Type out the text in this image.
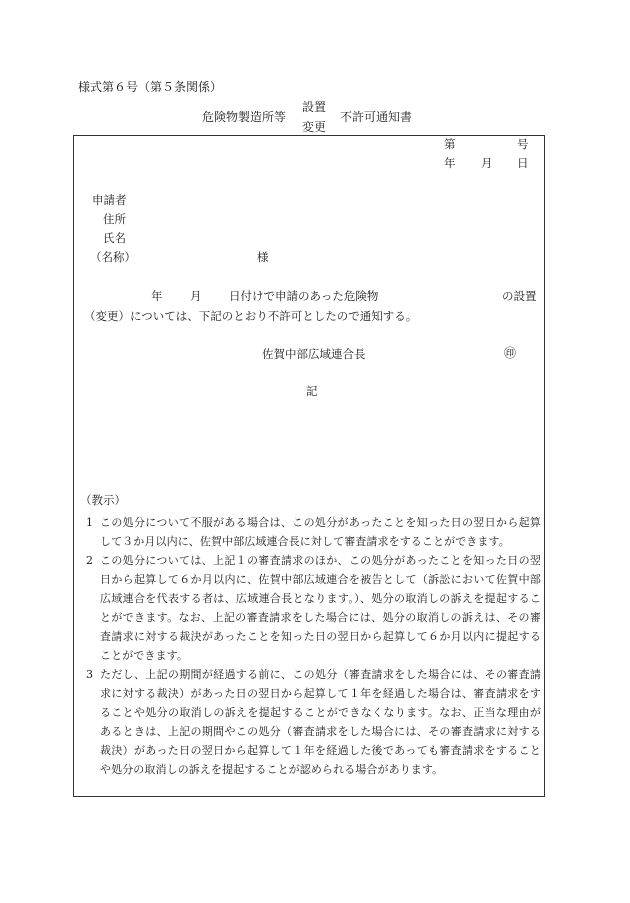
様式第６号（第５条関係）
危険物製造所等
設置
変更
不許可通知書
第	号
年 月 日
申請者
住所
氏名
（名称）	様
年 月 日付けで申請のあった危険物	の設置
（変更）については、下記のとおり不許可としたので通知する。
佐賀中部広域連合長	㊞
記
（教示）
1 この処分について不服がある場合は、この処分があったことを知った日の翌日から起算して３か月以内に、佐賀中部広域連合長に対して審査請求をすることができます。
2 この処分については、上記１の審査請求のほか、この処分があったことを知った日の翌日から起算して６か月以内に、佐賀中部広域連合を被告として（訴訟において佐賀中部広域連合を代表する者は、広域連合長となります。）、処分の取消しの訴えを提起することができます。なお、上記の審査請求をした場合には、処分の取消しの訴えは、その審査請求に対する裁決があったことを知った日の翌日から起算して６か月以内に提起することができます。
3 ただし、上記の期間が経過する前に、この処分（審査請求をした場合には、その審査請求に対する裁決）があった日の翌日から起算して１年を経過した場合は、審査請求をすることや処分の取消しの訴えを提起することができなくなります。なお、正当な理由があるときは、上記の期間やこの処分（審査請求をした場合には、その審査請求に対する裁決）があった日の翌日から起算して１年を経過した後であっても審査請求をすることや処分の取消しの訴えを提起することが認められる場合があります。
